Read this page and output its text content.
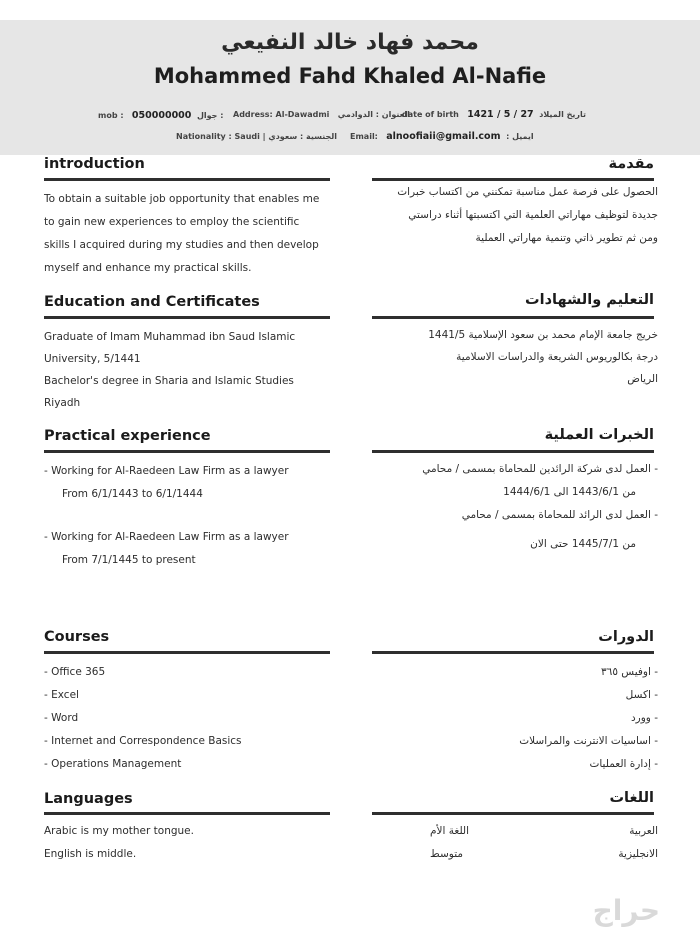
محمد فهاد خالد النفيعي
Mohammed Fahd Khaled Al-Nafie
mob : 050000000 جوال : Address: Al-Dawadmi العنوان : الدوادمي
date of birth 1421 / 5 / 27 تاريخ الميلاد
Nationality : Saudi | الجنسية : سعودي Email: alnoofiaii@gmail.com : ايميل
introduction	مقدمة
To obtain a suitable job opportunity that enables me
to gain new experiences to employ the scientific
skills I acquired during my studies and then develop
myself and enhance my practical skills.
الحصول على فرصة عمل مناسبة تمكنني من اكتساب خبرات
جديدة لتوظيف مهاراتي العلمية التي اكتسبتها أثناء دراستي
ومن ثم تطوير ذاتي وتنمية مهاراتي العملية
Education and Certificates	التعليم والشهادات
Graduate of Imam Muhammad ibn Saud Islamic
University, 5/1441
Bachelor's degree in Sharia and Islamic Studies
Riyadh
خريج جامعة الإمام محمد بن سعود الإسلامية 1441/5
درجة بكالوريوس الشريعة والدراسات الاسلامية
الرياض
Practical experience	الخبرات العملية
- Working for Al-Raedeen Law Firm as a lawyer
From 6/1/1443 to 6/1/1444
- Working for Al-Raedeen Law Firm as a lawyer
From 7/1/1445 to present
- العمل لدى شركة الرائدين للمحاماة بمسمى / محامي
من 1443/6/1 الى 1444/6/1
- العمل لدى الرائد للمحاماة بمسمى / محامي
من 1445/7/1 حتى الان
Courses	الدورات
- Office 365
- Excel
- Word
- Internet and Correspondence Basics
- Operations Management
- اوفيس ٣٦٥
- اكسل
- وورد
- اساسيات الانترنت والمراسلات
- إدارة العمليات
Languages	اللغات
Arabic is my mother tongue.
English is middle.
العربية
اللغة الأم
الانجليزية
متوسط
حراج
